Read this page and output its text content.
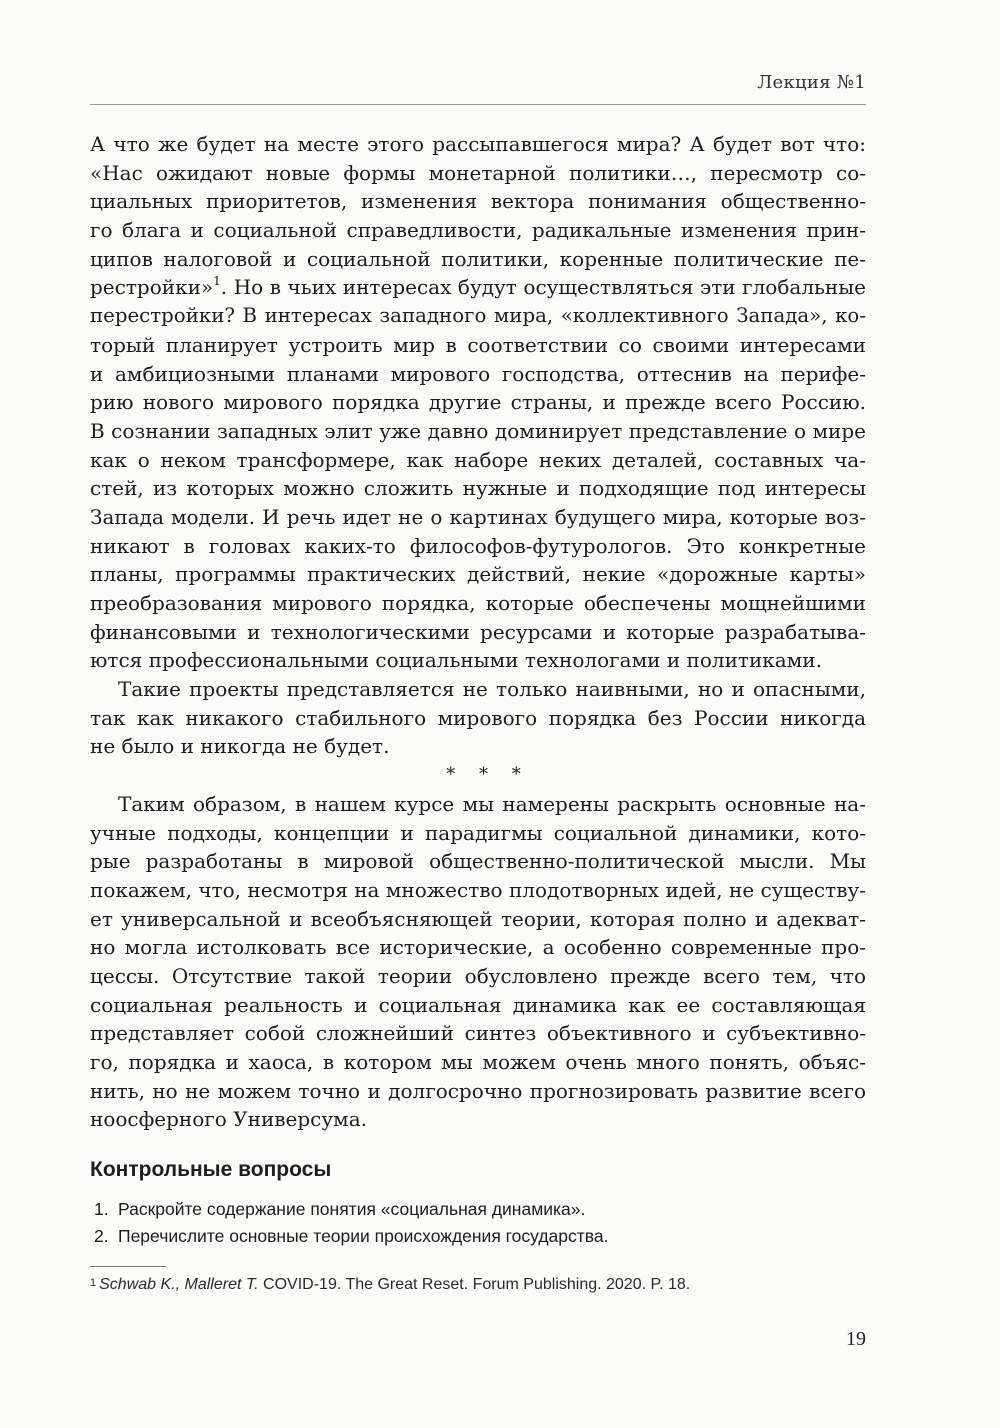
Лекция №1
А что же будет на месте этого рассыпавшегося мира? А будет вот что:
«Нас ожидают новые формы монетарной политики…, пересмотр со-
циальных приоритетов, изменения вектора понимания общественно-
го блага и социальной справедливости, радикальные изменения прин-
ципов налоговой и социальной политики, коренные политические пе-
рестройки»$^1$. Но в чьих интересах будут осуществляться эти глобальные
перестройки? В интересах западного мира, «коллективного Запада», ко-
торый планирует устроить мир в соответствии со своими интересами
и амбициозными планами мирового господства, оттеснив на перифе-
рию нового мирового порядка другие страны, и прежде всего Россию.
В сознании западных элит уже давно доминирует представление о мире
как о неком трансформере, как наборе неких деталей, составных ча-
стей, из которых можно сложить нужные и подходящие под интересы
Запада модели. И речь идет не о картинах будущего мира, которые воз-
никают в головах каких-то философов-футурологов. Это конкретные
планы, программы практических действий, некие «дорожные карты»
преобразования мирового порядка, которые обеспечены мощнейшими
финансовыми и технологическими ресурсами и которые разрабатыва-
ются профессиональными социальными технологами и политиками.
Такие проекты представляется не только наивными, но и опасными,
так как никакого стабильного мирового порядка без России никогда
не было и никогда не будет.
* * *
Таким образом, в нашем курсе мы намерены раскрыть основные на-
учные подходы, концепции и парадигмы социальной динамики, кото-
рые разработаны в мировой общественно-политической мысли. Мы
покажем, что, несмотря на множество плодотворных идей, не существу-
ет универсальной и всеобъясняющей теории, которая полно и адекват-
но могла истолковать все исторические, а особенно современные про-
цессы. Отсутствие такой теории обусловлено прежде всего тем, что
социальная реальность и социальная динамика как ее составляющая
представляет собой сложнейший синтез объективного и субъективно-
го, порядка и хаоса, в котором мы можем очень много понять, объяс-
нить, но не можем точно и долгосрочно прогнозировать развитие всего
ноосферного Универсума.
Контрольные вопросы
1. Раскройте содержание понятия «социальная динамика».
2. Перечислите основные теории происхождения государства.
$^1$ Schwab K., Malleret T. COVID-19. The Great Reset. Forum Publishing. 2020. P. 18.
19
